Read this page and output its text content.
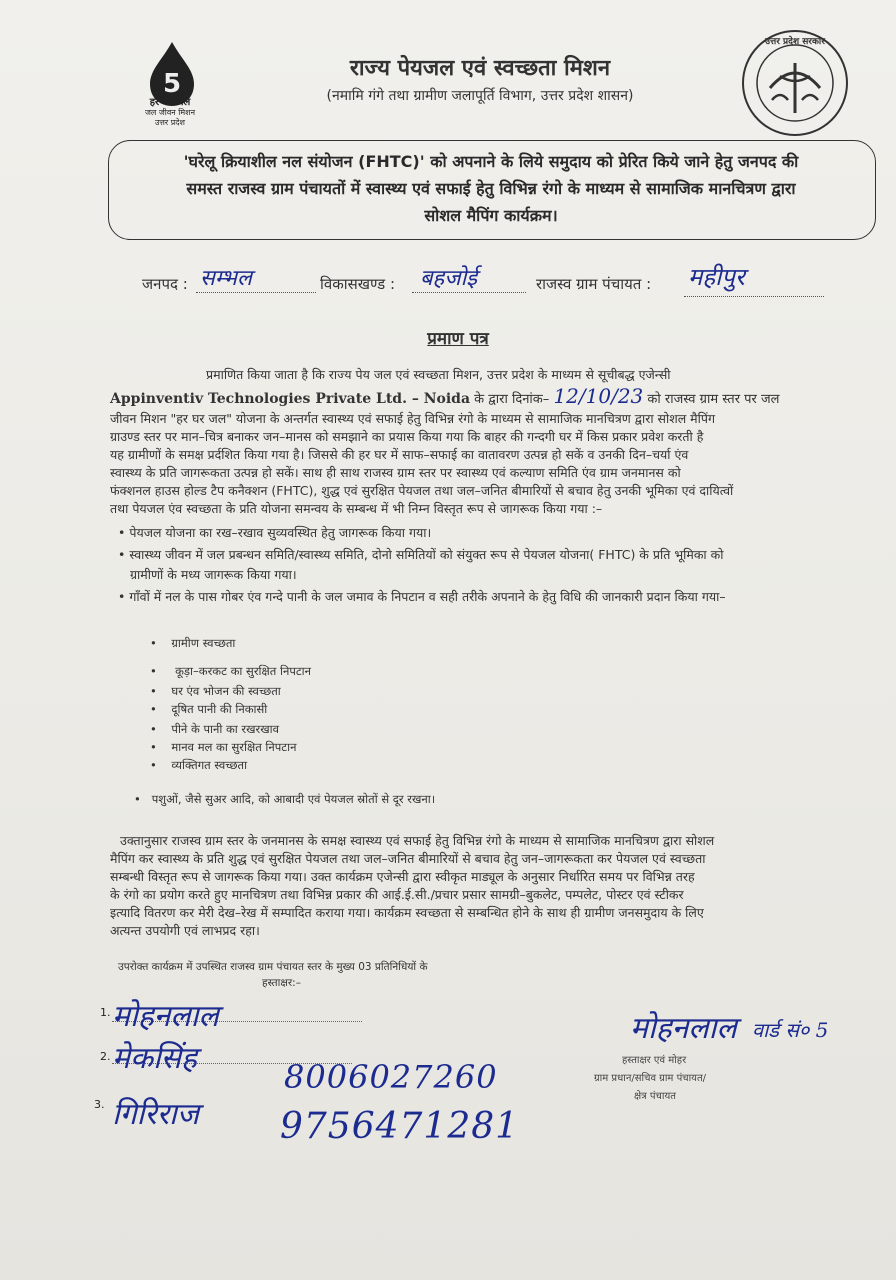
5
हर घर जल
जल जीवन मिशन
उत्तर प्रदेश
उत्तर प्रदेश सरकार
राज्य पेयजल एवं स्वच्छता मिशन
(नमामि गंगे तथा ग्रामीण जलापूर्ति विभाग, उत्तर प्रदेश शासन)
'घरेलू क्रियाशील नल संयोजन (FHTC)' को अपनाने के लिये समुदाय को प्रेरित किये जाने हेतु जनपद की
समस्त राजस्व ग्राम पंचायतों में स्वास्थ्य एवं सफाई हेतु विभिन्न रंगो के माध्यम से सामाजिक मानचित्रण द्वारा
सोशल मैपिंग कार्यक्रम।
जनपद : सम्भल	विकासखण्ड : बहजोई	राजस्व ग्राम पंचायत : महीपुर
प्रमाण पत्र
प्रमाणित किया जाता है कि राज्य पेय जल एवं स्वच्छता मिशन, उत्तर प्रदेश के माध्यम से सूचीबद्ध एजेन्सी
Appinventiv Technologies Private Ltd. – Noida के द्वारा दिनांक– 12/10/23 को राजस्व ग्राम स्तर पर जल
जीवन मिशन "हर घर जल" योजना के अन्तर्गत स्वास्थ्य एवं सफाई हेतु विभिन्न रंगो के माध्यम से सामाजिक मानचित्रण द्वारा सोशल मैपिंग
ग्राउण्ड स्तर पर मान–चित्र बनाकर जन–मानस को समझाने का प्रयास किया गया कि बाहर की गन्दगी घर में किस प्रकार प्रवेश करती है
यह ग्रामीणों के समक्ष प्रर्दशित किया गया है। जिससे की हर घर में साफ–सफाई का वातावरण उत्पन्न हो सकें व उनकी दिन–चर्या एंव
स्वास्थ्य के प्रति जागरूकता उत्पन्न हो सकें। साथ ही साथ राजस्व ग्राम स्तर पर स्वास्थ्य एवं कल्याण समिति एंव ग्राम जनमानस को
फंक्शनल हाउस होल्ड टैप कनैक्शन (FHTC), शुद्ध एवं सुरक्षित पेयजल तथा जल–जनित बीमारियों से बचाव हेतु उनकी भूमिका एवं दायित्वों
तथा पेयजल एंव स्वच्छता के प्रति योजना समन्वय के सम्बन्ध में भी निम्न विस्तृत रूप से जागरूक किया गया :–
• पेयजल योजना का रख–रखाव सुव्यवस्थित हेतु जागरूक किया गया।
• स्वास्थ्य जीवन में जल प्रबन्धन समिति/स्वास्थ्य समिति, दोनो समितियों को संयुक्त रूप से पेयजल योजना( FHTC) के प्रति भूमिका को
ग्रामीणों के मध्य जागरूक किया गया।
• गाँवों में नल के पास गोबर एंव गन्दे पानी के जल जमाव के निपटान व सही तरीके अपनाने के हेतु विधि की जानकारी प्रदान किया गया–
•    ग्रामीण स्वच्छता
•     कूड़ा–करकट का सुरक्षित निपटान
•    घर एंव भोजन की स्वच्छता
•    दूषित पानी की निकासी
•    पीने के पानी का रखरखाव
•    मानव मल का सुरक्षित निपटान
•    व्यक्तिगत स्वच्छता
•   पशुओं, जैसे सुअर आदि, को आबादी एवं पेयजल स्रोतों से दूर रखना।
उक्तानुसार राजस्व ग्राम स्तर के जनमानस के समक्ष स्वास्थ्य एवं सफाई हेतु विभिन्न रंगो के माध्यम से सामाजिक मानचित्रण द्वारा सोशल
मैपिंग कर स्वास्थ्य के प्रति शुद्ध एवं सुरक्षित पेयजल तथा जल–जनित बीमारियों से बचाव हेतु जन–जागरूकता कर पेयजल एवं स्वच्छता
सम्बन्धी विस्तृत रूप से जागरूक किया गया। उक्त कार्यक्रम एजेन्सी द्वारा स्वीकृत माड्यूल के अनुसार निर्धारित समय पर विभिन्न तरह
के रंगो का प्रयोग करते हुए मानचित्रण तथा विभिन्न प्रकार की आई.ई.सी./प्रचार प्रसार सामग्री–बुकलेट, पम्पलेट, पोस्टर एवं स्टीकर
इत्यादि वितरण कर मेरी देख–रेख में सम्पादित कराया गया। कार्यक्रम स्वच्छता से सम्बन्धित होने के साथ ही ग्रामीण जनसमुदाय के लिए
अत्यन्त उपयोगी एवं लाभप्रद रहा।
उपरोक्त कार्यक्रम में उपस्थित राजस्व ग्राम पंचायत स्तर के मुख्य 03 प्रतिनिधियों के
हस्ताक्षर:–
1. मोहनलाल
2. मेकसिंह
3. गिरिराज
8006027260
9756471281
मोहनलाल वार्ड सं० 5
हस्ताक्षर एवं मोहर
ग्राम प्रधान/सचिव ग्राम पंचायत/
क्षेत्र पंचायत
